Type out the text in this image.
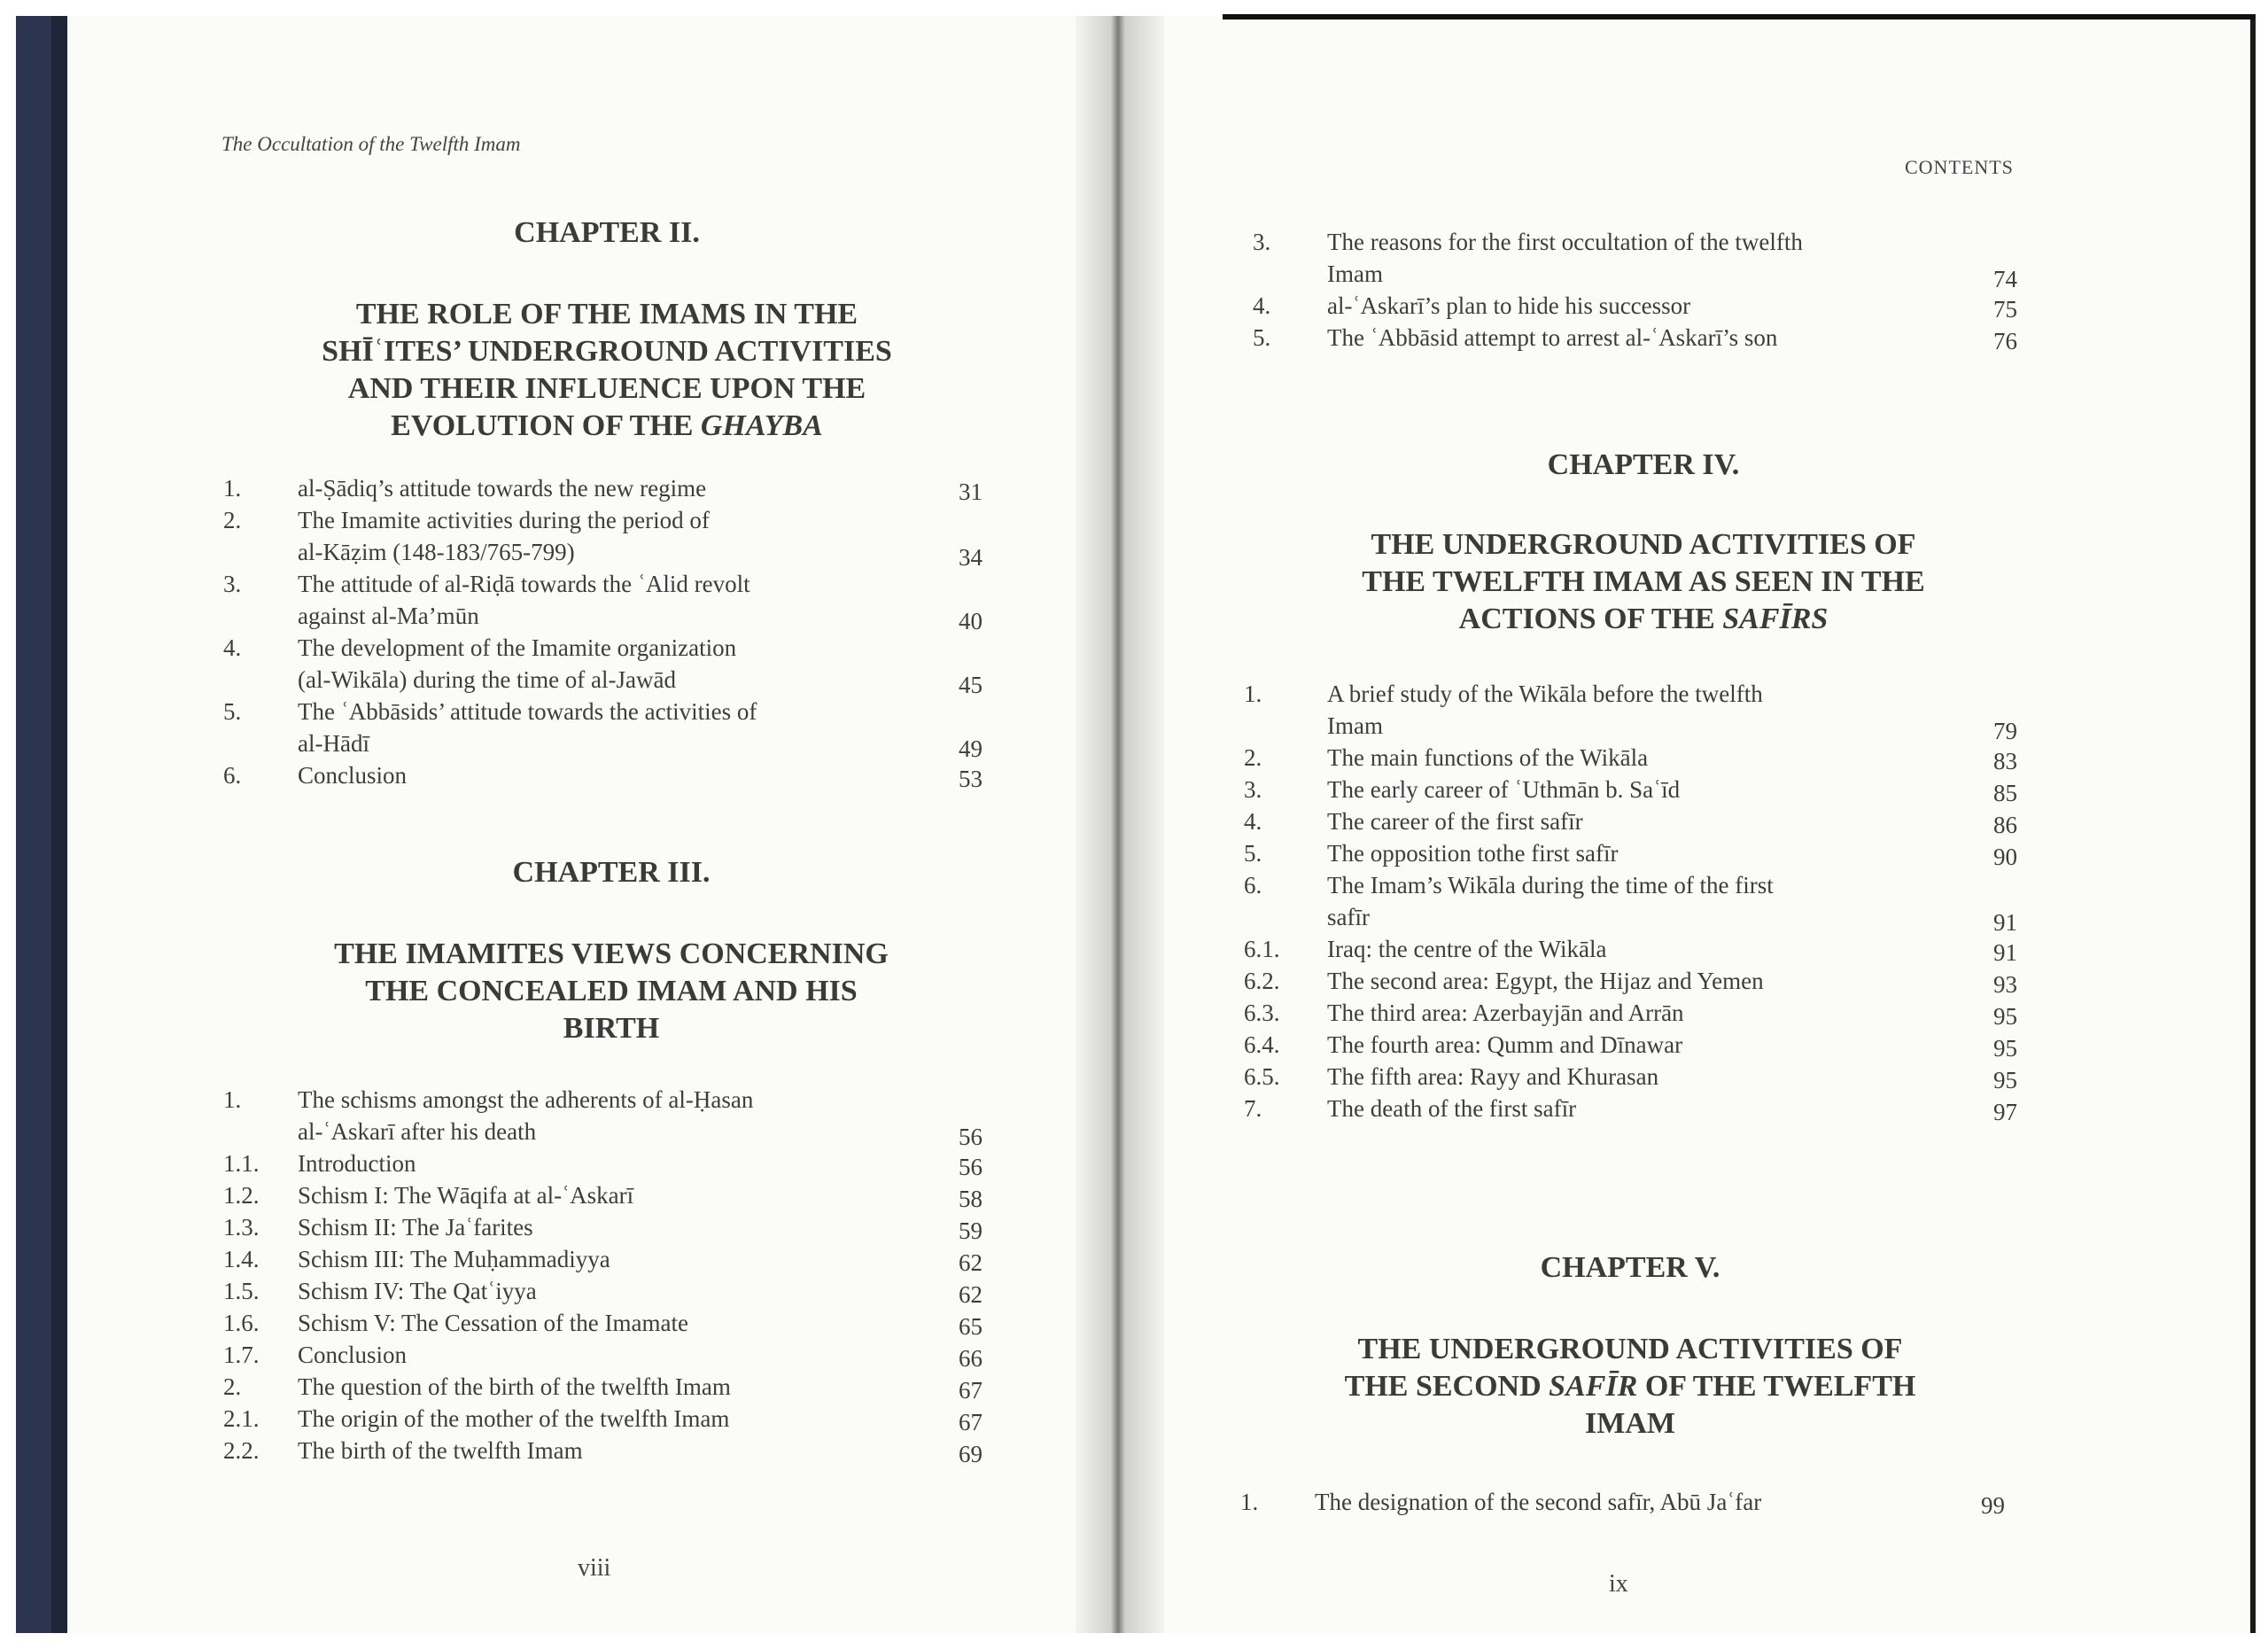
The Occultation of the Twelfth Imam
CHAPTER II.
THE ROLE OF THE IMAMS IN THE
SHĪʿITES’ UNDERGROUND ACTIVITIES
AND THEIR INFLUENCE UPON THE
EVOLUTION OF THE GHAYBA
1. al-Ṣādiq’s attitude towards the new regime	31
2. The Imamite activities during the period of
al-Kāẓim (148-183/765-799)	34
3. The attitude of al-Riḍā towards the ʿAlid revolt
against al-Ma’mūn	40
4. The development of the Imamite organization
(al-Wikāla) during the time of al-Jawād	45
5. The ʿAbbāsids’ attitude towards the activities of
al-Hādī	49
6. Conclusion	53
CHAPTER III.
THE IMAMITES VIEWS CONCERNING
THE CONCEALED IMAM AND HIS
BIRTH
1. The schisms amongst the adherents of al-Ḥasan
al-ʿAskarī after his death	56
1.1. Introduction	56
1.2. Schism I: The Wāqifa at al-ʿAskarī	58
1.3. Schism II: The Jaʿfarites	59
1.4. Schism III: The Muḥammadiyya	62
1.5. Schism IV: The Qatʿiyya	62
1.6. Schism V: The Cessation of the Imamate	65
1.7. Conclusion	66
2. The question of the birth of the twelfth Imam	67
2.1. The origin of the mother of the twelfth Imam	67
2.2. The birth of the twelfth Imam	69
viii
CONTENTS
3. The reasons for the first occultation of the twelfth
Imam	74
4. al-ʿAskarī’s plan to hide his successor	75
5. The ʿAbbāsid attempt to arrest al-ʿAskarī’s son	76
CHAPTER IV.
THE UNDERGROUND ACTIVITIES OF
THE TWELFTH IMAM AS SEEN IN THE
ACTIONS OF THE SAFĪRS
1.	A brief study of the Wikāla before the twelfth
Imam	79
2.	The main functions of the Wikāla	83
3.	The early career of ʿUthmān b. Saʿīd	85
4.	The career of the first safīr	86
5.	The opposition tothe first safīr	90
6.	The Imam’s Wikāla during the time of the first
safīr	91
6.1. Iraq: the centre of the Wikāla	91
6.2. The second area: Egypt, the Hijaz and Yemen	93
6.3. The third area: Azerbayjān and Arrān	95
6.4. The fourth area: Qumm and Dīnawar	95
6.5. The fifth area: Rayy and Khurasan	95
7.	The death of the first safīr	97
CHAPTER V.
THE UNDERGROUND ACTIVITIES OF
THE SECOND SAFĪR OF THE TWELFTH
IMAM
1. The designation of the second safīr, Abū Jaʿfar	99
ix
